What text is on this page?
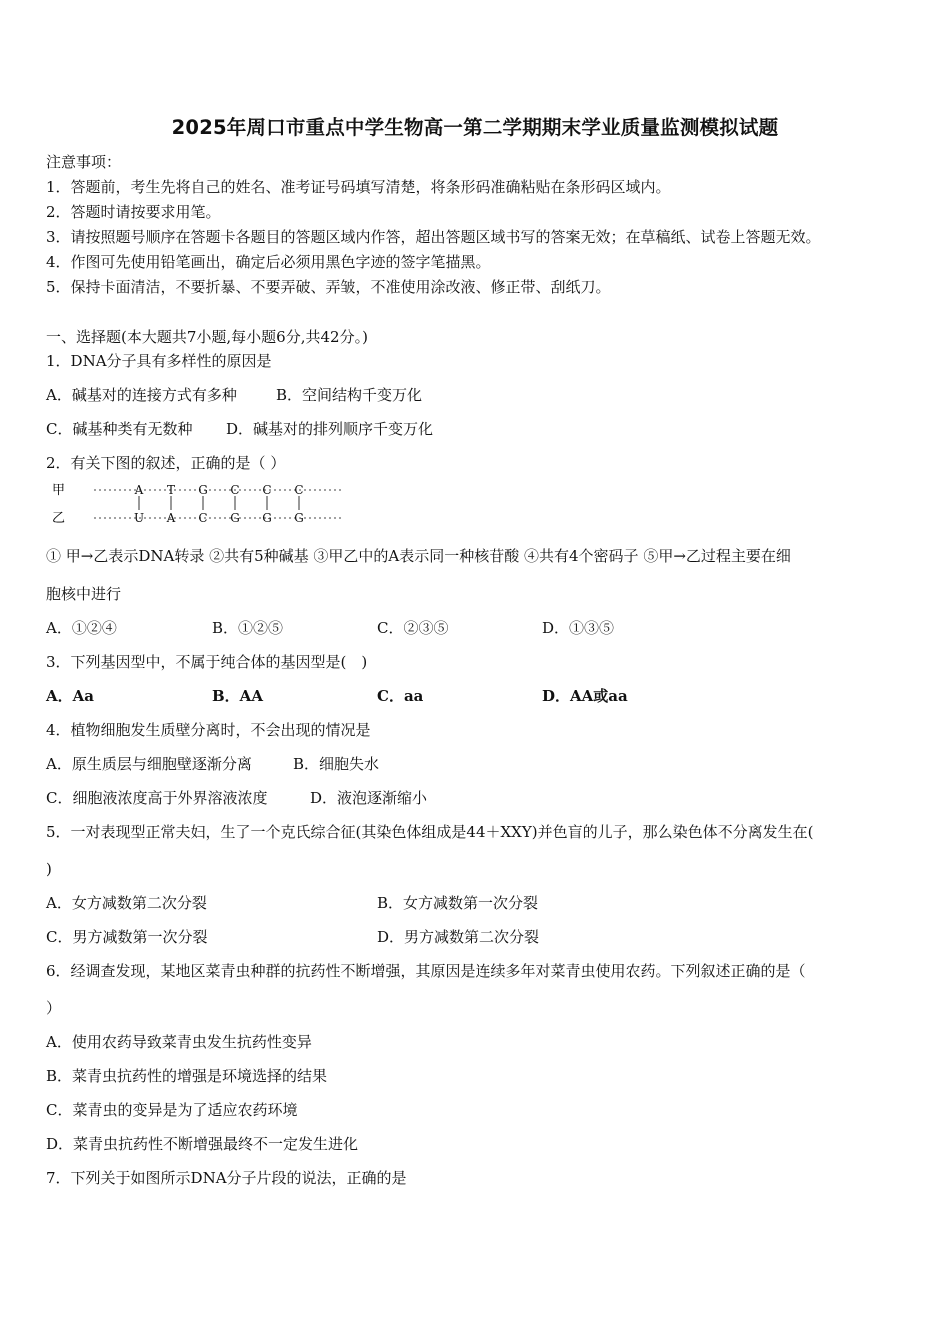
2025年周口市重点中学生物高一第二学期期末学业质量监测模拟试题
注意事项：
1．答题前，考生先将自己的姓名、准考证号码填写清楚，将条形码准确粘贴在条形码区域内。
2．答题时请按要求用笔。
3．请按照题号顺序在答题卡各题目的答题区域内作答，超出答题区域书写的答案无效；在草稿纸、试卷上答题无效。
4．作图可先使用铅笔画出，确定后必须用黑色字迹的签字笔描黑。
5．保持卡面清洁，不要折暴、不要弄破、弄皱，不准使用涂改液、修正带、刮纸刀。
一、选择题(本大题共7小题,每小题6分,共42分。)
1．DNA分子具有多样性的原因是
A．碱基对的连接方式有多种	B．空间结构千变万化
C．碱基种类有无数种 D．碱基对的排列顺序千变万化
2．有关下图的叙述，正确的是（ ）
甲
乙
A
U
T
A
G
C
C
G
C
G
C
G
① 甲→乙表示DNA转录 ②共有5种碱基 ③甲乙中的A表示同一种核苷酸 ④共有4个密码子 ⑤甲→乙过程主要在细
胞核中进行
A．①②④	B．①②⑤	C．②③⑤	D．①③⑤
3．下列基因型中，不属于纯合体的基因型是(　)
A．Aa	B．AA	C．aa	D．AA或aa
4．植物细胞发生质壁分离时，不会出现的情况是
A．原生质层与细胞壁逐渐分离	B．细胞失水
C．细胞液浓度高于外界溶液浓度	D．液泡逐渐缩小
5．一对表现型正常夫妇，生了一个克氏综合征(其染色体组成是44＋XXY)并色盲的儿子，那么染色体不分离发生在(
)
A．女方减数第二次分裂	B．女方减数第一次分裂
C．男方减数第一次分裂	D．男方减数第二次分裂
6．经调查发现，某地区菜青虫种群的抗药性不断增强，其原因是连续多年对菜青虫使用农药。下列叙述正确的是（
）
A．使用农药导致菜青虫发生抗药性变异
B．菜青虫抗药性的增强是环境选择的结果
C．菜青虫的变异是为了适应农药环境
D．菜青虫抗药性不断增强最终不一定发生进化
7．下列关于如图所示DNA分子片段的说法，正确的是
